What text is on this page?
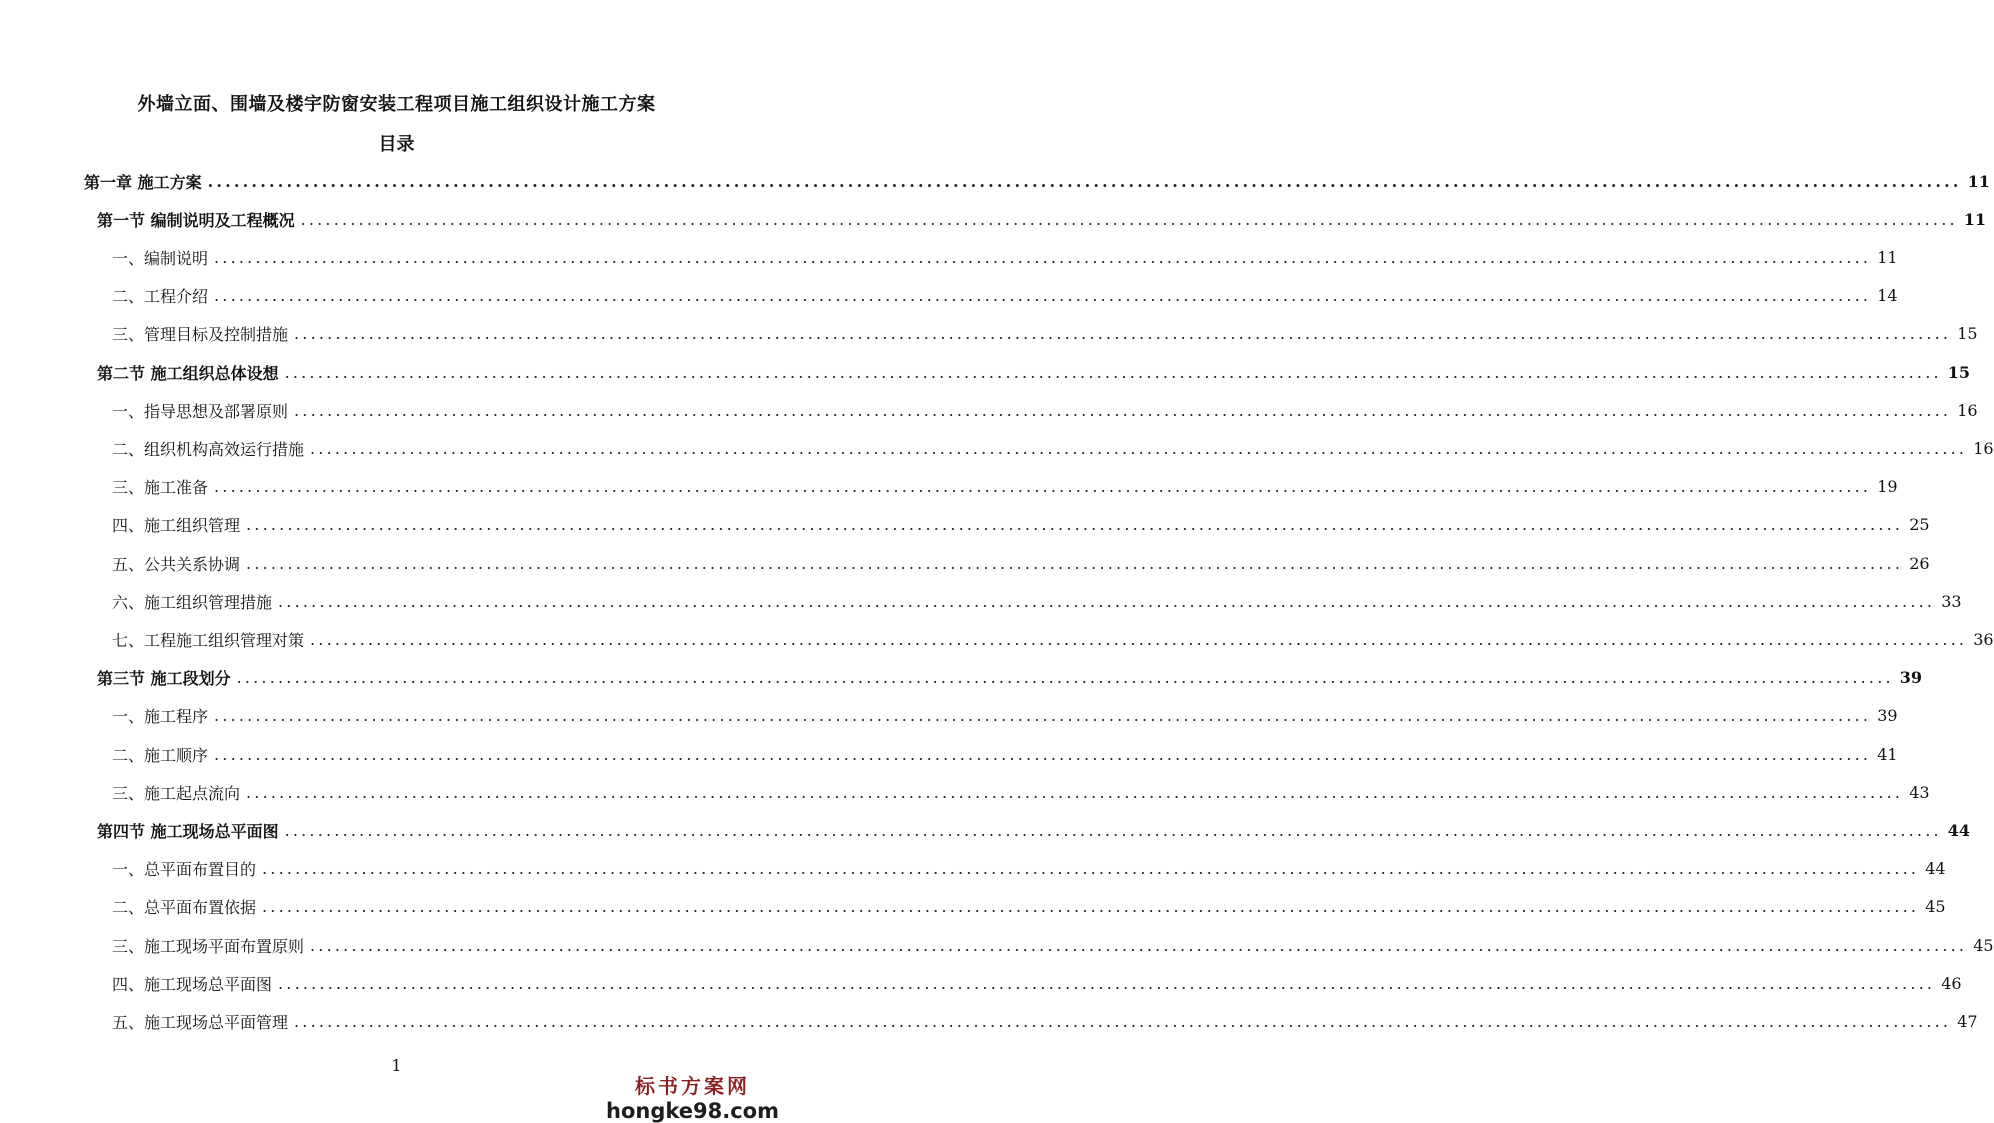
外墙立面、围墙及楼宇防窗安装工程项目施工组织设计施工方案
目录
第一章 施工方案 ........................................................................................................................................................................................................ 11
第一节 编制说明及工程概况 ........................................................................................................................................................................................................ 11
一、编制说明 ........................................................................................................................................................................................................ 11
二、工程介绍 ........................................................................................................................................................................................................ 14
三、管理目标及控制措施 ........................................................................................................................................................................................................ 15
第二节 施工组织总体设想 ........................................................................................................................................................................................................ 15
一、指导思想及部署原则 ........................................................................................................................................................................................................ 16
二、组织机构高效运行措施 ........................................................................................................................................................................................................ 16
三、施工准备 ........................................................................................................................................................................................................ 19
四、施工组织管理 ........................................................................................................................................................................................................ 25
五、公共关系协调 ........................................................................................................................................................................................................ 26
六、施工组织管理措施 ........................................................................................................................................................................................................ 33
七、工程施工组织管理对策 ........................................................................................................................................................................................................ 36
第三节 施工段划分 ........................................................................................................................................................................................................ 39
一、施工程序 ........................................................................................................................................................................................................ 39
二、施工顺序 ........................................................................................................................................................................................................ 41
三、施工起点流向 ........................................................................................................................................................................................................ 43
第四节 施工现场总平面图 ........................................................................................................................................................................................................ 44
一、总平面布置目的 ........................................................................................................................................................................................................ 44
二、总平面布置依据 ........................................................................................................................................................................................................ 45
三、施工现场平面布置原则 ........................................................................................................................................................................................................ 45
四、施工现场总平面图 ........................................................................................................................................................................................................ 46
五、施工现场总平面管理 ........................................................................................................................................................................................................ 47
1
标书方案网
hongke98.com
